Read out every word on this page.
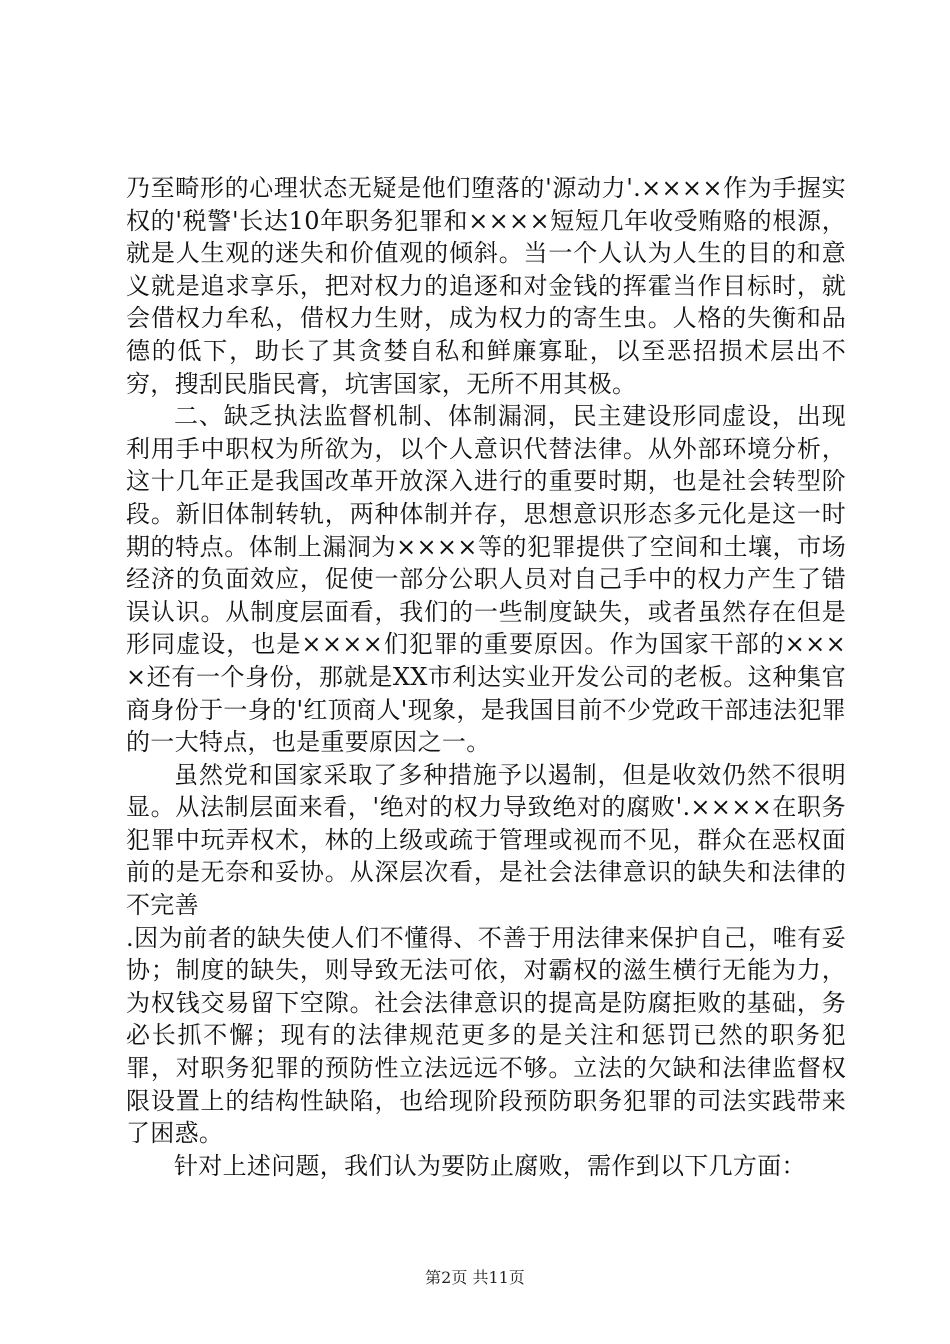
乃至畸形的心理状态无疑是他们堕落的'源动力'.××××作为手握实权的'税警'长达10年职务犯罪和××××短短几年收受贿赂的根源，就是人生观的迷失和价值观的倾斜。当一个人认为人生的目的和意义就是追求享乐，把对权力的追逐和对金钱的挥霍当作目标时，就会借权力牟私，借权力生财，成为权力的寄生虫。人格的失衡和品德的低下，助长了其贪婪自私和鲜廉寡耻，以至恶招损术层出不穷，搜刮民脂民膏，坑害国家，无所不用其极。

二、缺乏执法监督机制、体制漏洞，民主建设形同虚设，出现利用手中职权为所欲为，以个人意识代替法律。从外部环境分析，这十几年正是我国改革开放深入进行的重要时期，也是社会转型阶段。新旧体制转轨，两种体制并存，思想意识形态多元化是这一时期的特点。体制上漏洞为××××等的犯罪提供了空间和土壤，市场经济的负面效应，促使一部分公职人员对自己手中的权力产生了错误认识。从制度层面看，我们的一些制度缺失，或者虽然存在但是形同虚设，也是××××们犯罪的重要原因。作为国家干部的××××还有一个身份，那就是XX市利达实业开发公司的老板。这种集官商身份于一身的'红顶商人'现象，是我国目前不少党政干部违法犯罪的一大特点，也是重要原因之一。

虽然党和国家采取了多种措施予以遏制，但是收效仍然不很明显。从法制层面来看，'绝对的权力导致绝对的腐败'.××××在职务犯罪中玩弄权术，林的上级或疏于管理或视而不见，群众在恶权面前的是无奈和妥协。从深层次看，是社会法律意识的缺失和法律的不完善

.因为前者的缺失使人们不懂得、不善于用法律来保护自己，唯有妥协；制度的缺失，则导致无法可依，对霸权的滋生横行无能为力，为权钱交易留下空隙。社会法律意识的提高是防腐拒败的基础，务必长抓不懈；现有的法律规范更多的是关注和惩罚已然的职务犯罪，对职务犯罪的预防性立法远远不够。立法的欠缺和法律监督权限设置上的结构性缺陷，也给现阶段预防职务犯罪的司法实践带来了困惑。

针对上述问题，我们认为要防止腐败，需作到以下几方面：

第2页 共11页
